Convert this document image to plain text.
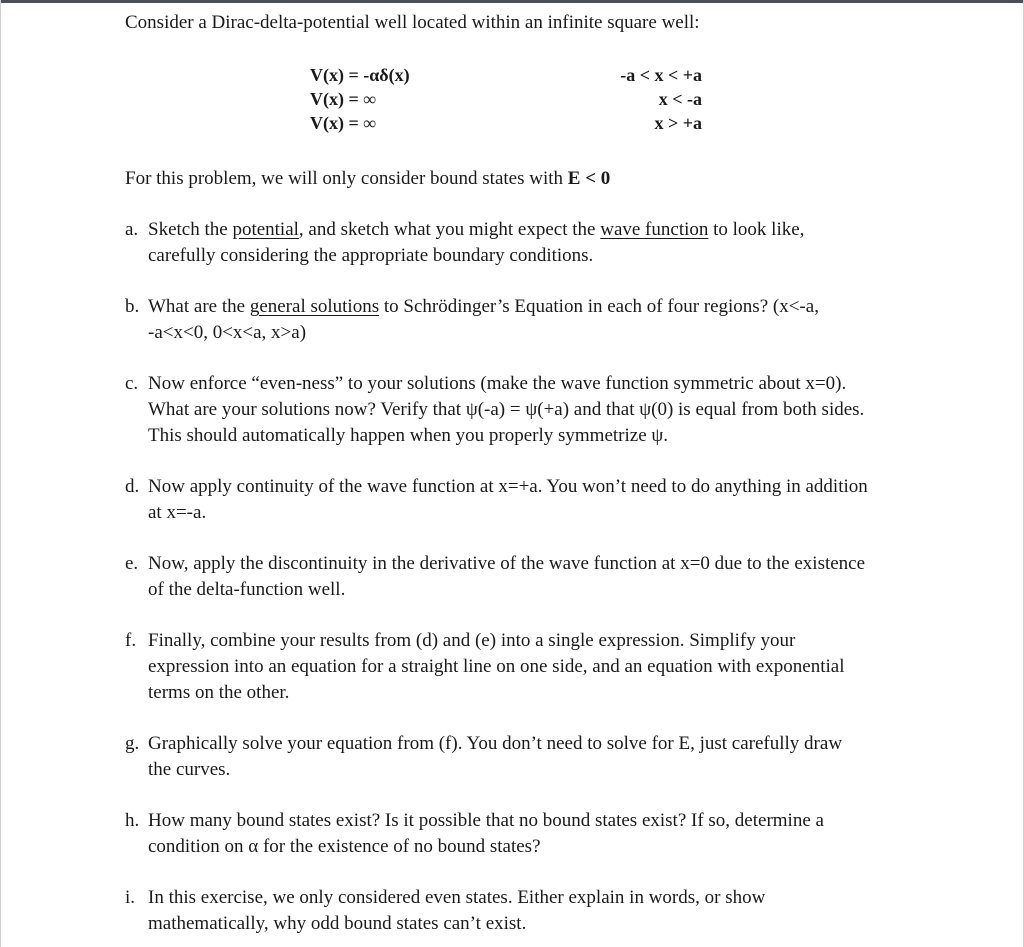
Consider a Dirac-delta-potential well located within an infinite square well:
V(x) = -αδ(x)	-a < x < +a
V(x) = ∞	x < -a
V(x) = ∞	x > +a
For this problem, we will only consider bound states with E < 0
a. Sketch the potential, and sketch what you might expect the wave function to look like,
carefully considering the appropriate boundary conditions.
b. What are the general solutions to Schrödinger’s Equation in each of four regions? (x<-a,
-a<x<0, 0<x<a, x>a)
c. Now enforce “even-ness” to your solutions (make the wave function symmetric about x=0).
What are your solutions now? Verify that ψ(-a) = ψ(+a) and that ψ(0) is equal from both sides.
This should automatically happen when you properly symmetrize ψ.
d. Now apply continuity of the wave function at x=+a. You won’t need to do anything in addition
at x=-a.
e. Now, apply the discontinuity in the derivative of the wave function at x=0 due to the existence
of the delta-function well.
f. Finally, combine your results from (d) and (e) into a single expression. Simplify your
expression into an equation for a straight line on one side, and an equation with exponential
terms on the other.
g. Graphically solve your equation from (f). You don’t need to solve for E, just carefully draw
the curves.
h. How many bound states exist? Is it possible that no bound states exist? If so, determine a
condition on α for the existence of no bound states?
i. In this exercise, we only considered even states. Either explain in words, or show
mathematically, why odd bound states can’t exist.
